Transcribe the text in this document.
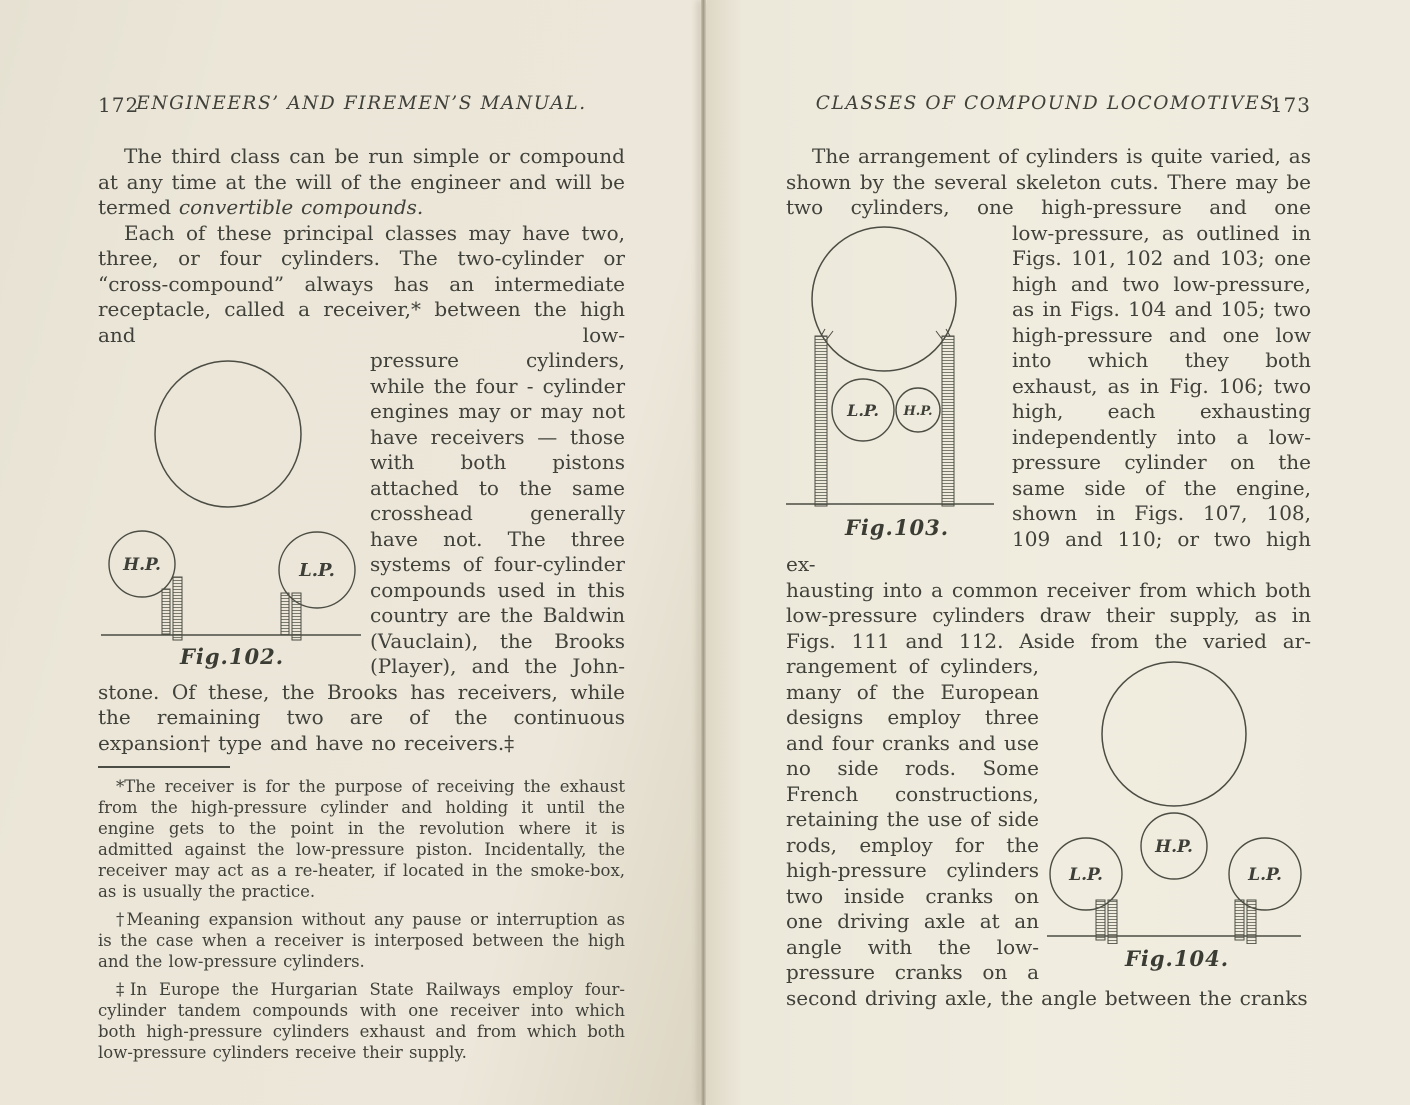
172
ENGINEERS’ AND FIREMEN’S MANUAL.

The third class can be run simple or compound at any time at the will of the engineer and will be termed convertible compounds.

Each of these principal classes may have two, three, or four cylinders. The two-cylinder or “cross-compound” always has an intermediate receptacle, called a receiver,* between the high and low-

H.P.	L.P.
Fig.102.

pressure cylinders, while the four - cylinder engines may or may not have receivers — those with both pistons attached to the same crosshead generally have not. The three systems of four-cylinder compounds used in this country are the Baldwin (Vauclain), the Brooks (Player), and the John-

stone. Of these, the Brooks has receivers, while the remaining two are of the continuous expansion† type and have no receivers.‡

*The receiver is for the purpose of receiving the exhaust from the high-pressure cylinder and holding it until the engine gets to the point in the revolution where it is admitted against the low-pressure piston. Incidentally, the receiver may act as a re-heater, if located in the smoke-box, as is usually the practice.

†Meaning expansion without any pause or interruption as is the case when a receiver is interposed between the high and the low-pressure cylinders.

‡In Europe the Hurgarian State Railways employ four-cylinder tandem compounds with one receiver into which both high-pressure cylinders exhaust and from which both low-pressure cylinders receive their supply.

CLASSES OF COMPOUND LOCOMOTIVES.
173

The arrangement of cylinders is quite varied, as shown by the several skeleton cuts. There may be two cylinders, one high-pressure and one

L.P. H.P.
Fig.103.

low-pressure, as outlined in Figs. 101, 102 and 103; one high and two low-pressure, as in Figs. 104 and 105; two high-pressure and one low into which they both exhaust, as in Fig. 106; two high, each exhausting independently into a low-pressure cylinder on the same side of the engine, shown in Figs. 107, 108, 109 and 110; or two high ex-

hausting into a common receiver from which both low-pressure cylinders draw their supply, as in Figs. 111 and 112. Aside from the varied ar-

H.P.
L.P.	L.P.
Fig.104.

rangement of cylinders, many of the European designs employ three and four cranks and use no side rods. Some French constructions, retaining the use of side rods, employ for the high-pressure cylinders two inside cranks on one driving axle at an angle with the low-pressure cranks on a

second driving axle, the angle between the cranks
